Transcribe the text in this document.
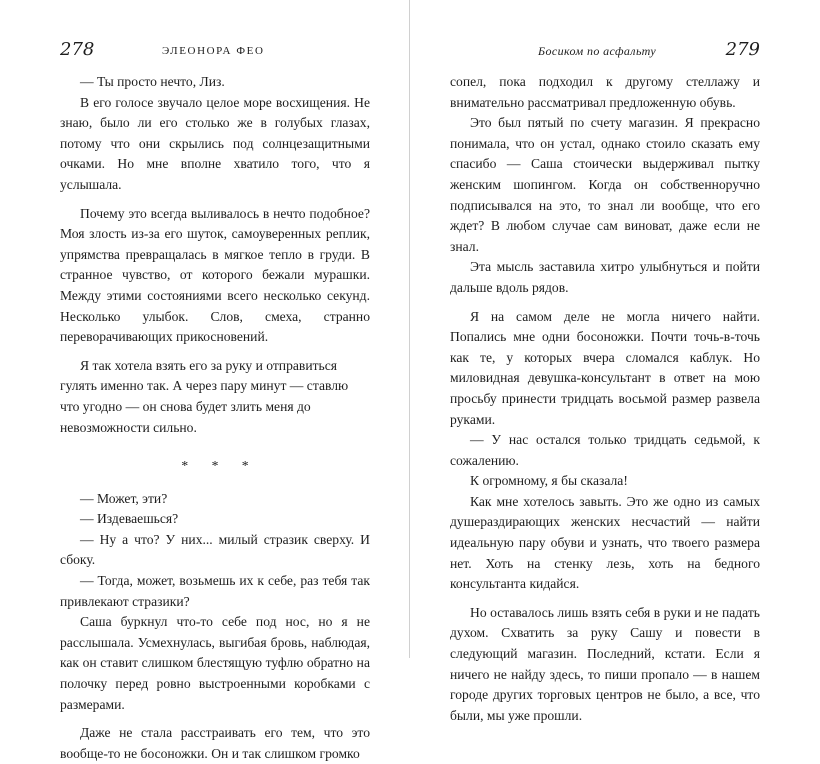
278	ЭЛЕОНОРА ФЕО

— Ты просто нечто, Лиз.

В его голосе звучало целое море восхищения. Не знаю, было ли его столько же в голубых глазах, потому что они скрылись под солнцезащитными очками. Но мне вполне хватило того, что я услышала.

Почему это всегда выливалось в нечто подобное? Моя злость из-за его шуток, самоуверенных реплик, упрямства превращалась в мягкое тепло в груди. В странное чувство, от которого бежали мурашки. Между этими состояниями всего несколько секунд. Несколько улыбок. Слов, смеха, странно переворачивающих прикосновений.

Я так хотела взять его за руку и отправиться гулять именно так. А через пару минут — ставлю что угодно — он снова будет злить меня до невозможности сильно.

* * *

— Может, эти?

— Издеваешься?

— Ну а что? У них... милый стразик сверху. И сбоку.

— Тогда, может, возьмешь их к себе, раз тебя так привлекают стразики?

Саша буркнул что-то себе под нос, но я не расслышала. Усмехнулась, выгибая бровь, наблюдая, как он ставит слишком блестящую туфлю обратно на полочку перед ровно выстроенными коробками с размерами.

Даже не стала расстраивать его тем, что это вообще-то не босоножки. Он и так слишком громко

Босиком по асфальту	279

сопел, пока подходил к другому стеллажу и внимательно рассматривал предложенную обувь.

Это был пятый по счету магазин. Я прекрасно понимала, что он устал, однако стоило сказать ему спасибо — Саша стоически выдерживал пытку женским шопингом. Когда он собственноручно подписывался на это, то знал ли вообще, что его ждет? В любом случае сам виноват, даже если не знал.

Эта мысль заставила хитро улыбнуться и пойти дальше вдоль рядов.

Я на самом деле не могла ничего найти. Попались мне одни босоножки. Почти точь-в-точь как те, у которых вчера сломался каблук. Но миловидная девушка-консультант в ответ на мою просьбу принести тридцать восьмой размер развела руками.

— У нас остался только тридцать седьмой, к сожалению.

К огромному, я бы сказала!

Как мне хотелось завыть. Это же одно из самых душераздирающих женских несчастий — найти идеальную пару обуви и узнать, что твоего размера нет. Хоть на стенку лезь, хоть на бедного консультанта кидайся.

Но оставалось лишь взять себя в руки и не падать духом. Схватить за руку Сашу и повести в следующий магазин. Последний, кстати. Если я ничего не найду здесь, то пиши пропало — в нашем городе других торговых центров не было, а все, что были, мы уже прошли.
